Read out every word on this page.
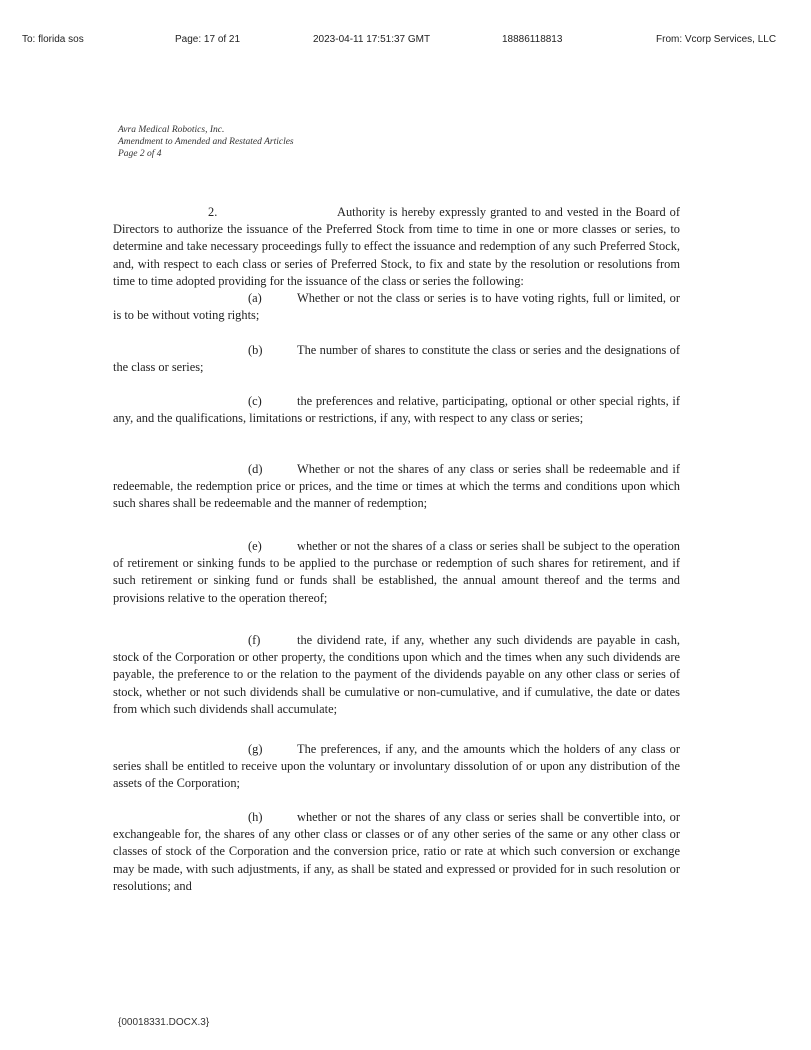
To: florida sos	Page: 17 of 21	2023-04-11 17:51:37 GMT	18886118813	From: Vcorp Services, LLC
Avra Medical Robotics, Inc.
Amendment to Amended and Restated Articles
Page 2 of 4

2.	Authority is hereby expressly granted to and vested in the Board of Directors to authorize the issuance of the Preferred Stock from time to time in one or more classes or series, to determine and take necessary proceedings fully to effect the issuance and redemption of any such Preferred Stock, and, with respect to each class or series of Preferred Stock, to fix and state by the resolution or resolutions from time to time adopted providing for the issuance of the class or series the following:

(a)	Whether or not the class or series is to have voting rights, full or limited, or is to be without voting rights;

(b)	The number of shares to constitute the class or series and the designations of the class or series;

(c)	the preferences and relative, participating, optional or other special rights, if any, and the qualifications, limitations or restrictions, if any, with respect to any class or series;

(d)	Whether or not the shares of any class or series shall be redeemable and if redeemable, the redemption price or prices, and the time or times at which the terms and conditions upon which such shares shall be redeemable and the manner of redemption;

(e)	whether or not the shares of a class or series shall be subject to the operation of retirement or sinking funds to be applied to the purchase or redemption of such shares for retirement, and if such retirement or sinking fund or funds shall be established, the annual amount thereof and the terms and provisions relative to the operation thereof;

(f)	the dividend rate, if any, whether any such dividends are payable in cash, stock of the Corporation or other property, the conditions upon which and the times when any such dividends are payable, the preference to or the relation to the payment of the dividends payable on any other class or series of stock, whether or not such dividends shall be cumulative or non-cumulative, and if cumulative, the date or dates from which such dividends shall accumulate;

(g)	The preferences, if any, and the amounts which the holders of any class or series shall be entitled to receive upon the voluntary or involuntary dissolution of or upon any distribution of the assets of the Corporation;

(h)	whether or not the shares of any class or series shall be convertible into, or exchangeable for, the shares of any other class or classes or of any other series of the same or any other class or classes of stock of the Corporation and the conversion price, ratio or rate at which such conversion or exchange may be made, with such adjustments, if any, as shall be stated and expressed or provided for in such resolution or resolutions; and

{00018331.DOCX.3}
